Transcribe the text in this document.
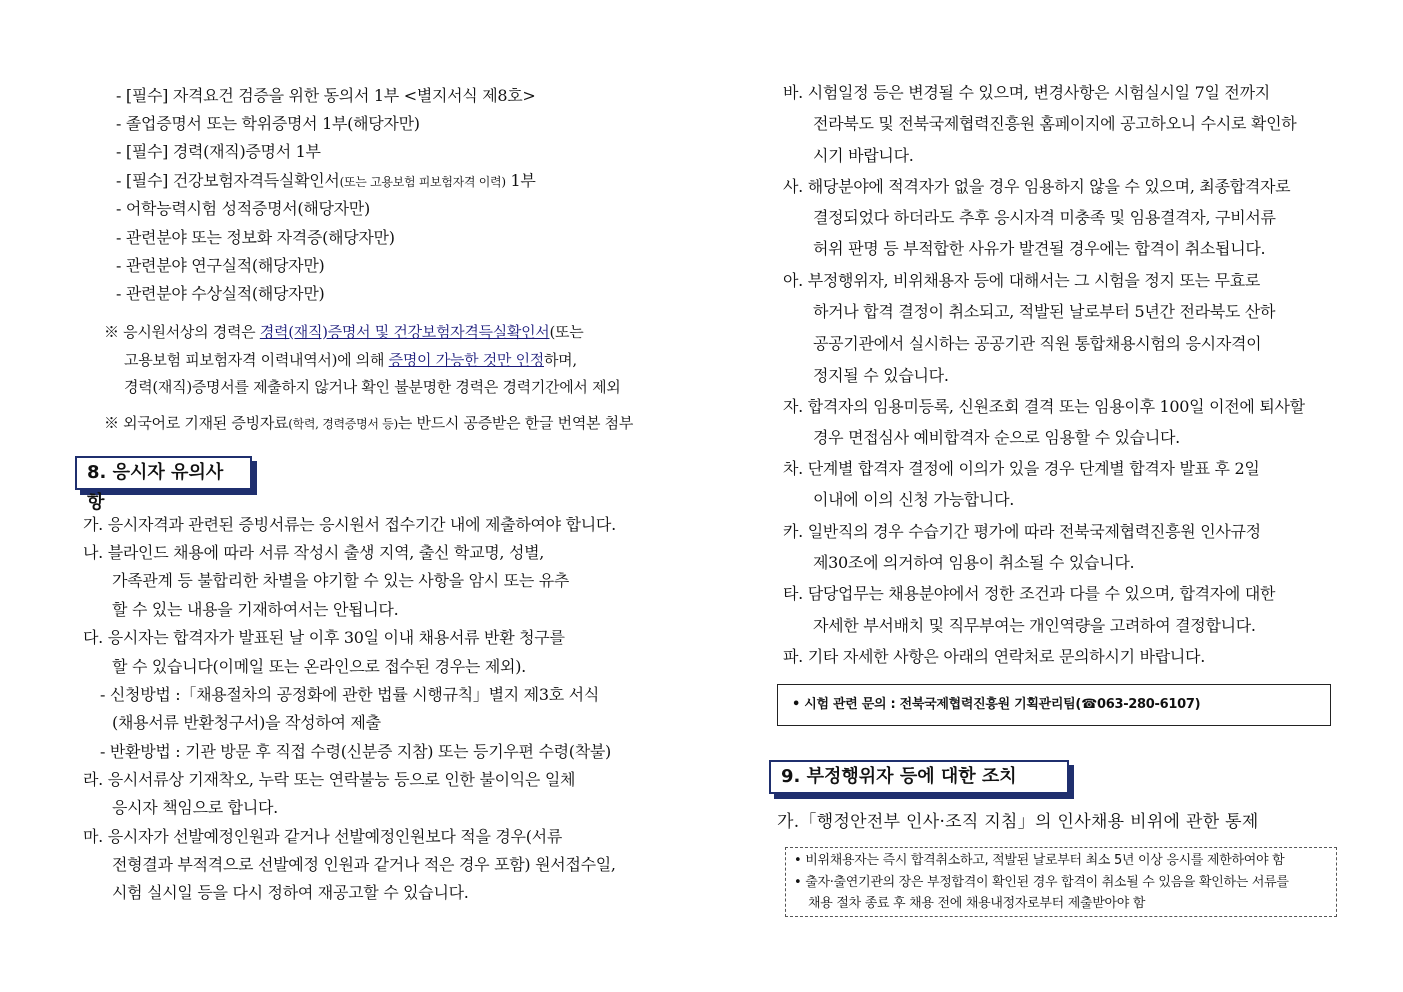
- [필수] 자격요건 검증을 위한 동의서 1부 <별지서식 제8호>
- 졸업증명서 또는 학위증명서 1부(해당자만)
- [필수] 경력(재직)증명서 1부
- [필수] 건강보험자격득실확인서(또는 고용보험 피보험자격 이력) 1부
- 어학능력시험 성적증명서(해당자만)
- 관련분야 또는 정보화 자격증(해당자만)
- 관련분야 연구실적(해당자만)
- 관련분야 수상실적(해당자만)
※ 응시원서상의 경력은 경력(재직)증명서 및 건강보험자격득실확인서(또는
고용보험 피보험자격 이력내역서)에 의해 증명이 가능한 것만 인정하며,
경력(재직)증명서를 제출하지 않거나 확인 불분명한 경력은 경력기간에서 제외
※ 외국어로 기재된 증빙자료(학력, 경력증명서 등)는 반드시 공증받은 한글 번역본 첨부
8. 응시자 유의사항
가. 응시자격과 관련된 증빙서류는 응시원서 접수기간 내에 제출하여야 합니다.
나. 블라인드 채용에 따라 서류 작성시 출생 지역, 출신 학교명, 성별,
가족관계 등 불합리한 차별을 야기할 수 있는 사항을 암시 또는 유추
할 수 있는 내용을 기재하여서는 안됩니다.
다. 응시자는 합격자가 발표된 날 이후 30일 이내 채용서류 반환 청구를
할 수 있습니다(이메일 또는 온라인으로 접수된 경우는 제외).
- 신청방법 :「채용절차의 공정화에 관한 법률 시행규칙」별지 제3호 서식
(채용서류 반환청구서)을 작성하여 제출
- 반환방법 : 기관 방문 후 직접 수령(신분증 지참) 또는 등기우편 수령(착불)
라. 응시서류상 기재착오, 누락 또는 연락불능 등으로 인한 불이익은 일체
응시자 책임으로 합니다.
마. 응시자가 선발예정인원과 같거나 선발예정인원보다 적을 경우(서류
전형결과 부적격으로 선발예정 인원과 같거나 적은 경우 포함) 원서접수일,
시험 실시일 등을 다시 정하여 재공고할 수 있습니다.
바. 시험일정 등은 변경될 수 있으며, 변경사항은 시험실시일 7일 전까지
전라북도 및 전북국제협력진흥원 홈페이지에 공고하오니 수시로 확인하
시기 바랍니다.
사. 해당분야에 적격자가 없을 경우 임용하지 않을 수 있으며, 최종합격자로
결정되었다 하더라도 추후 응시자격 미충족 및 임용결격자, 구비서류
허위 판명 등 부적합한 사유가 발견될 경우에는 합격이 취소됩니다.
아. 부정행위자, 비위채용자 등에 대해서는 그 시험을 정지 또는 무효로
하거나 합격 결정이 취소되고, 적발된 날로부터 5년간 전라북도 산하
공공기관에서 실시하는 공공기관 직원 통합채용시험의 응시자격이
정지될 수 있습니다.
자. 합격자의 임용미등록, 신원조회 결격 또는 임용이후 100일 이전에 퇴사할
경우 면접심사 예비합격자 순으로 임용할 수 있습니다.
차. 단계별 합격자 결정에 이의가 있을 경우 단계별 합격자 발표 후 2일
이내에 이의 신청 가능합니다.
카. 일반직의 경우 수습기간 평가에 따라 전북국제협력진흥원 인사규정
제30조에 의거하여 임용이 취소될 수 있습니다.
타. 담당업무는 채용분야에서 정한 조건과 다를 수 있으며, 합격자에 대한
자세한 부서배치 및 직무부여는 개인역량을 고려하여 결정합니다.
파. 기타 자세한 사항은 아래의 연락처로 문의하시기 바랍니다.
• 시험 관련 문의 : 전북국제협력진흥원 기획관리팀(☎063-280-6107)
9. 부정행위자 등에 대한 조치
가.「행정안전부 인사·조직 지침」의 인사채용 비위에 관한 통제
• 비위채용자는 즉시 합격취소하고, 적발된 날로부터 최소 5년 이상 응시를 제한하여야 함
• 출자·출연기관의 장은 부정합격이 확인된 경우 합격이 취소될 수 있음을 확인하는 서류를
채용 절차 종료 후 채용 전에 채용내정자로부터 제출받아야 함
